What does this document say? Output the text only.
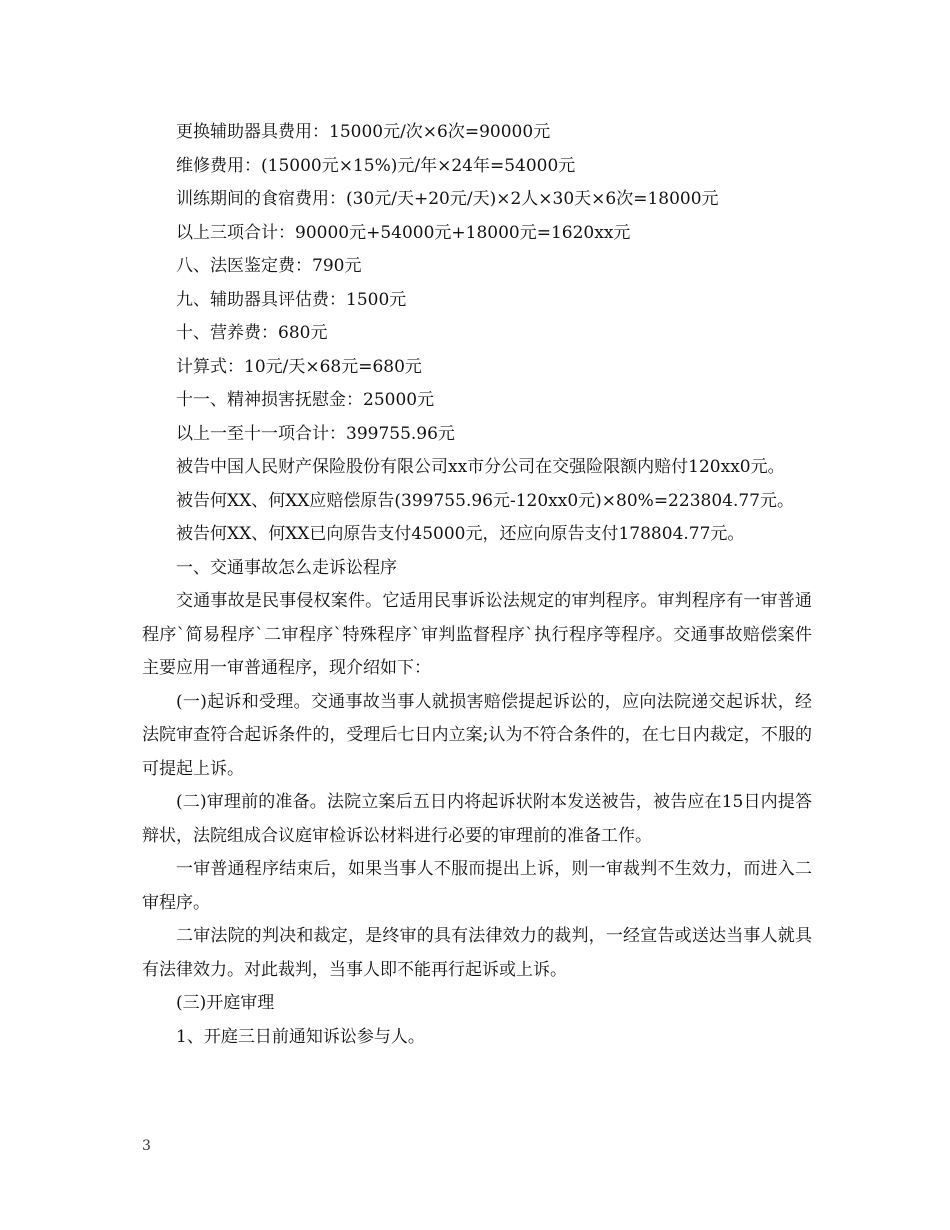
更换辅助器具费用：15000元/次×6次=90000元

维修费用：(15000元×15%)元/年×24年=54000元

训练期间的食宿费用：(30元/天+20元/天)×2人×30天×6次=18000元

以上三项合计：90000元+54000元+18000元=1620xx元

八、法医鉴定费：790元

九、辅助器具评估费：1500元

十、营养费：680元

计算式：10元/天×68元=680元

十一、精神损害抚慰金：25000元

以上一至十一项合计：399755.96元

被告中国人民财产保险股份有限公司xx市分公司在交强险限额内赔付120xx0元。

被告何XX、何XX应赔偿原告(399755.96元-120xx0元)×80%=223804.77元。

被告何XX、何XX已向原告支付45000元，还应向原告支付178804.77元。

一、交通事故怎么走诉讼程序

交通事故是民事侵权案件。它适用民事诉讼法规定的审判程序。审判程序有一审普通程序`简易程序`二审程序`特殊程序`审判监督程序`执行程序等程序。交通事故赔偿案件主要应用一审普通程序，现介绍如下：

(一)起诉和受理。交通事故当事人就损害赔偿提起诉讼的，应向法院递交起诉状，经法院审查符合起诉条件的，受理后七日内立案;认为不符合条件的，在七日内裁定，不服的可提起上诉。

(二)审理前的准备。法院立案后五日内将起诉状附本发送被告，被告应在15日内提答辩状，法院组成合议庭审检诉讼材料进行必要的审理前的准备工作。

一审普通程序结束后，如果当事人不服而提出上诉，则一审裁判不生效力，而进入二审程序。

二审法院的判决和裁定，是终审的具有法律效力的裁判，一经宣告或送达当事人就具有法律效力。对此裁判，当事人即不能再行起诉或上诉。

(三)开庭审理

1、开庭三日前通知诉讼参与人。

3
